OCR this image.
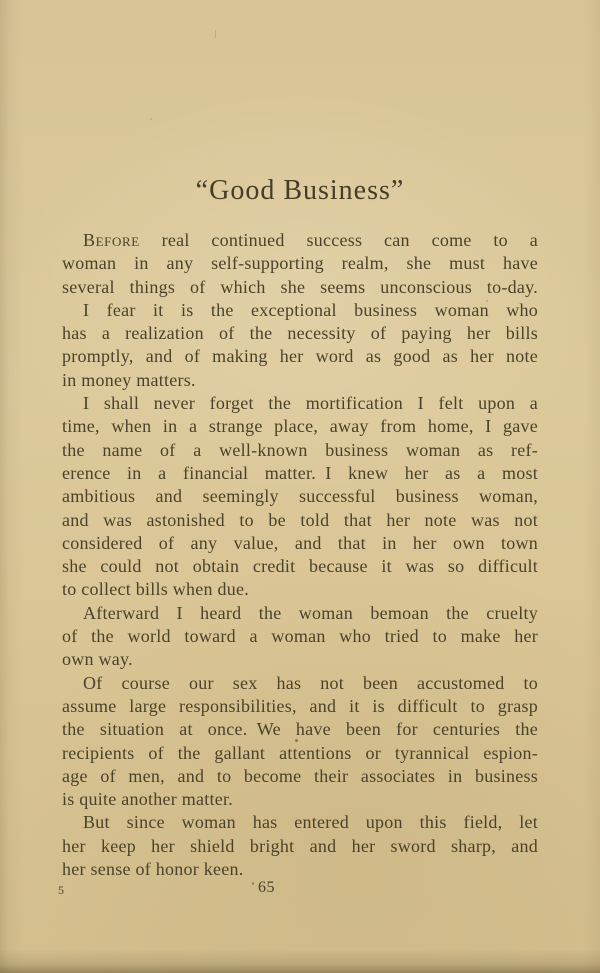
“Good Business”
Before real continued success can come to a
woman in any self-supporting realm, she must have
several things of which she seems unconscious to-day.
I fear it is the exceptional business woman who
has a realization of the necessity of paying her bills
promptly, and of making her word as good as her note
in money matters.
I shall never forget the mortification I felt upon a
time, when in a strange place, away from home, I gave
the name of a well-known business woman as ref-
erence in a financial matter. I knew her as a most
ambitious and seemingly successful business woman,
and was astonished to be told that her note was not
considered of any value, and that in her own town
she could not obtain credit because it was so difficult
to collect bills when due.
Afterward I heard the woman bemoan the cruelty
of the world toward a woman who tried to make her
own way.
Of course our sex has not been accustomed to
assume large responsibilities, and it is difficult to grasp
the situation at once. We have been for centuries the
recipients of the gallant attentions or tyrannical espion-
age of men, and to become their associates in business
is quite another matter.
But since woman has entered upon this field, let
her keep her shield bright and her sword sharp, and
her sense of honor keen.
5	65
